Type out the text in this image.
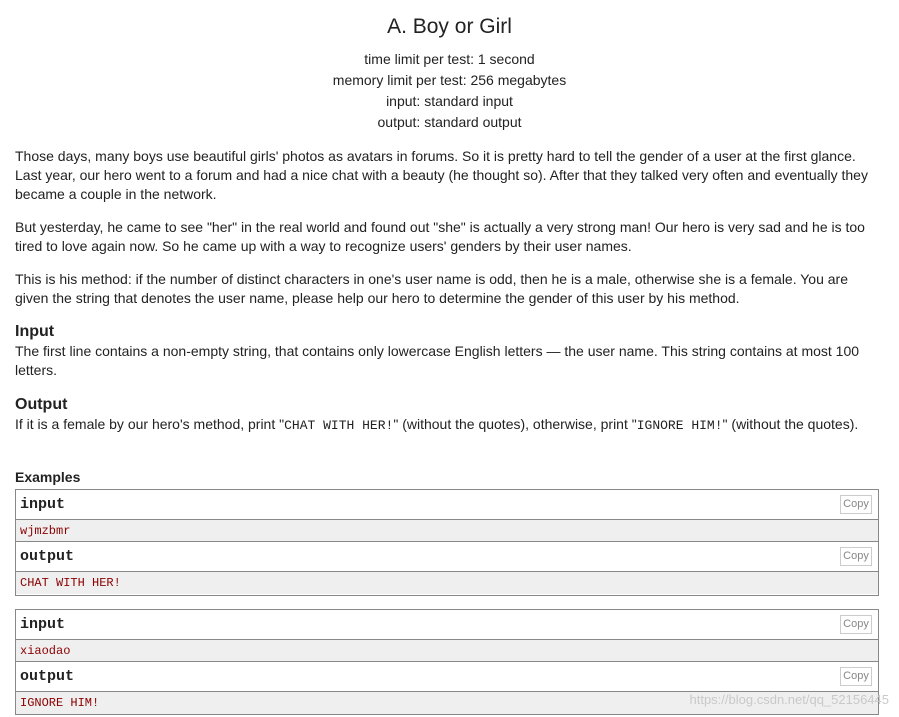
A. Boy or Girl
time limit per test: 1 second
memory limit per test: 256 megabytes
input: standard input
output: standard output
Those days, many boys use beautiful girls' photos as avatars in forums. So it is pretty hard to tell the gender of a user at the first glance. Last year, our hero went to a forum and had a nice chat with a beauty (he thought so). After that they talked very often and eventually they became a couple in the network.
But yesterday, he came to see "her" in the real world and found out "she" is actually a very strong man! Our hero is very sad and he is too tired to love again now. So he came up with a way to recognize users' genders by their user names.
This is his method: if the number of distinct characters in one's user name is odd, then he is a male, otherwise she is a female. You are given the string that denotes the user name, please help our hero to determine the gender of this user by his method.
Input
The first line contains a non-empty string, that contains only lowercase English letters — the user name. This string contains at most 100 letters.
Output
If it is a female by our hero's method, print "CHAT WITH HER!" (without the quotes), otherwise, print "IGNORE HIM!" (without the quotes).
Examples
input	Copy
wjmzbmr
output	Copy
CHAT WITH HER!
input	Copy
xiaodao
output	Copy
IGNORE HIM!	https://blog.csdn.net/qq_52156445
